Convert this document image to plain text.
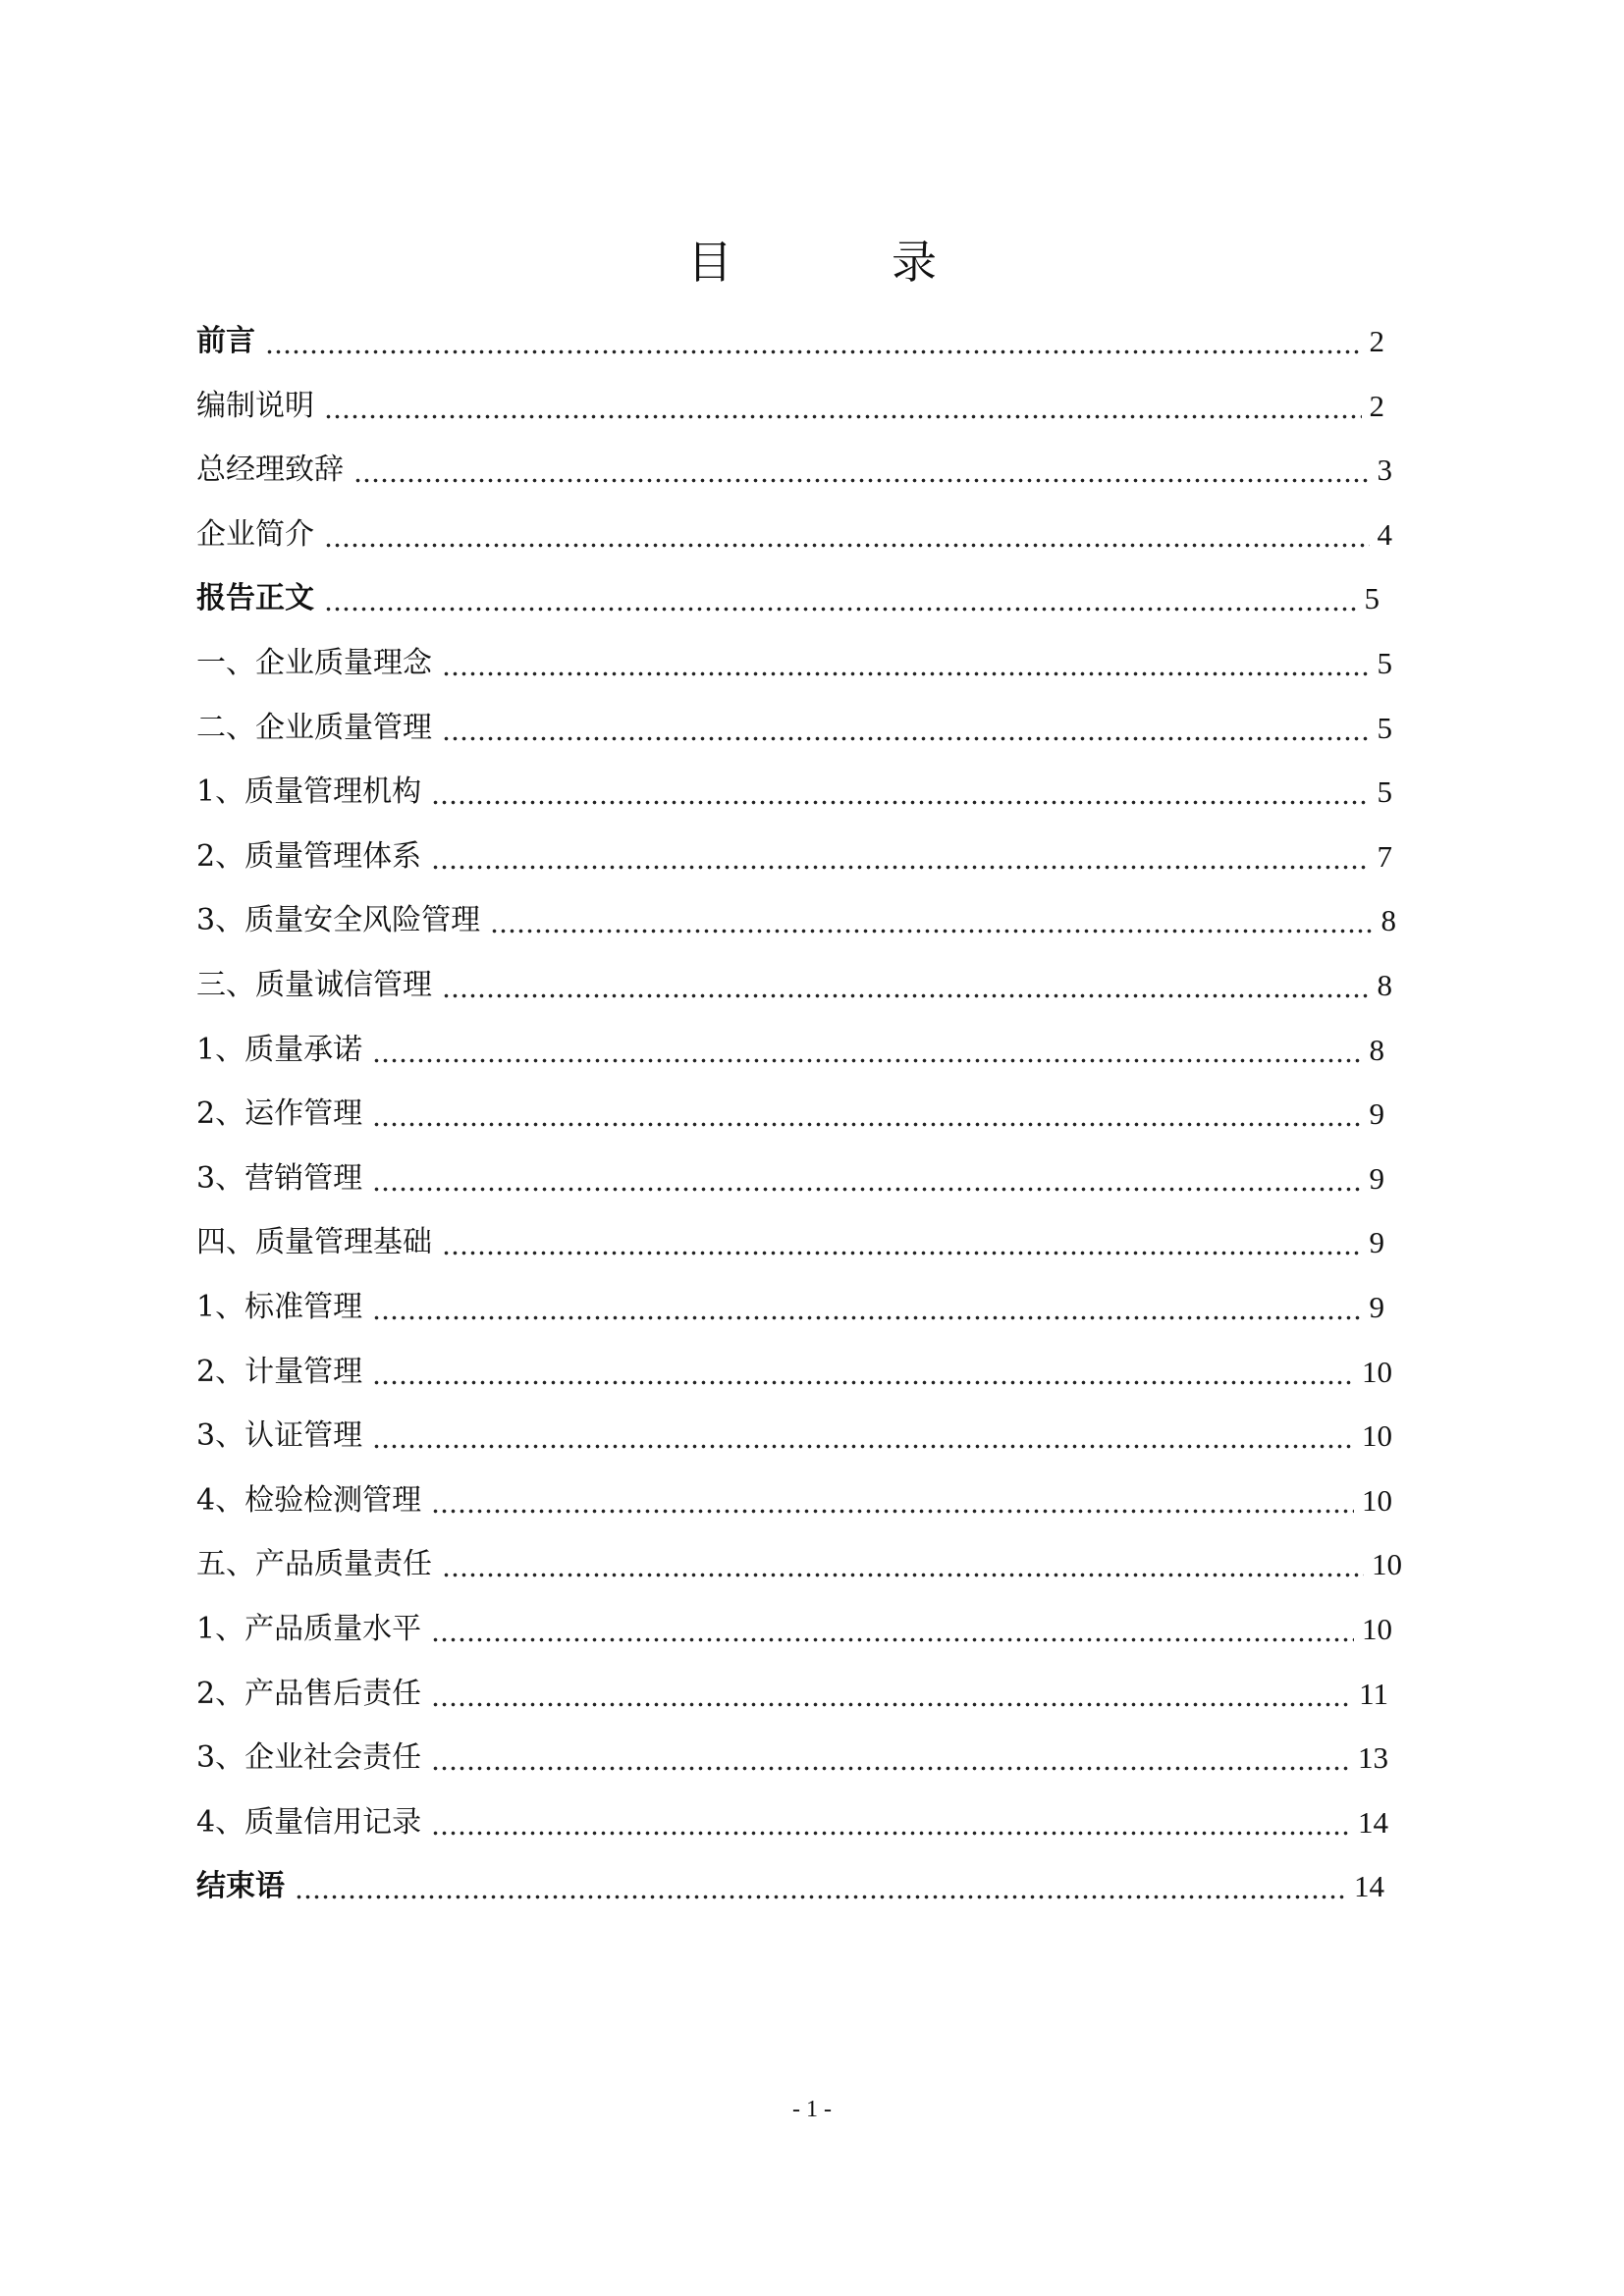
目　录
前言	2
编制说明	2
总经理致辞	3
企业简介	4
报告正文	5
一、企业质量理念	5
二、企业质量管理	5
1、质量管理机构	5
2、质量管理体系	7
3、质量安全风险管理	8
三、质量诚信管理	8
1、质量承诺	8
2、运作管理	9
3、营销管理	9
四、质量管理基础	9
1、标准管理	9
2、计量管理	10
3、认证管理	10
4、检验检测管理	10
五、产品质量责任	10
1、产品质量水平	10
2、产品售后责任	11
3、企业社会责任	13
4、质量信用记录	14
结束语	14
- 1 -
